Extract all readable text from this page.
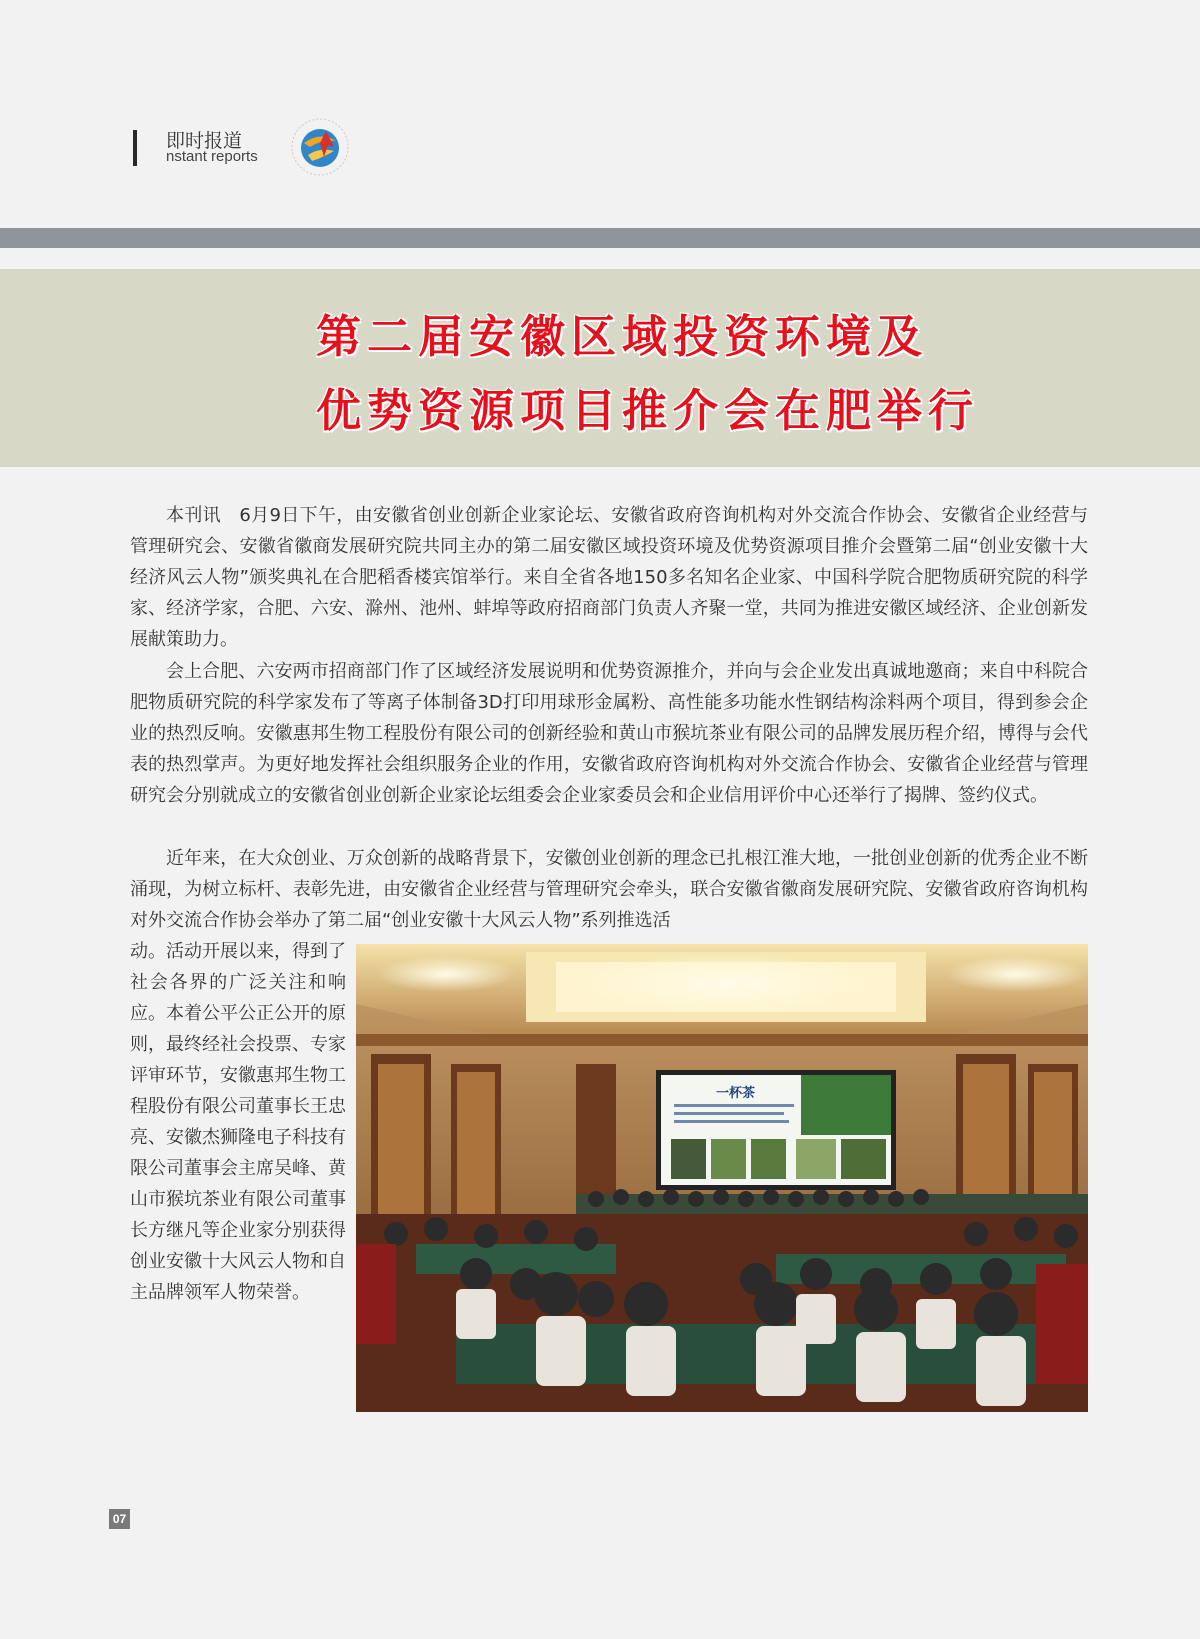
即时报道
nstant reports
第二届安徽区域投资环境及
优势资源项目推介会在肥举行

本刊讯　6月9日下午，由安徽省创业创新企业家论坛、安徽省政府咨询机构对外交流合作协会、安徽省企业经营与管理研究会、安徽省徽商发展研究院共同主办的第二届安徽区域投资环境及优势资源项目推介会暨第二届“创业安徽十大经济风云人物”颁奖典礼在合肥稻香楼宾馆举行。来自全省各地150多名知名企业家、中国科学院合肥物质研究院的科学家、经济学家，合肥、六安、滁州、池州、蚌埠等政府招商部门负责人齐聚一堂，共同为推进安徽区域经济、企业创新发展献策助力。

会上合肥、六安两市招商部门作了区域经济发展说明和优势资源推介，并向与会企业发出真诚地邀商；来自中科院合肥物质研究院的科学家发布了等离子体制备3D打印用球形金属粉、高性能多功能水性钢结构涂料两个项目，得到参会企业的热烈反响。安徽惠邦生物工程股份有限公司的创新经验和黄山市猴坑茶业有限公司的品牌发展历程介绍，博得与会代表的热烈掌声。为更好地发挥社会组织服务企业的作用，安徽省政府咨询机构对外交流合作协会、安徽省企业经营与管理研究会分别就成立的安徽省创业创新企业家论坛组委会企业家委员会和企业信用评价中心还举行了揭牌、签约仪式。

近年来，在大众创业、万众创新的战略背景下，安徽创业创新的理念已扎根江淮大地，一批创业创新的优秀企业不断涌现，为树立标杆、表彰先进，由安徽省企业经营与管理研究会牵头，联合安徽省徽商发展研究院、安徽省政府咨询机构对外交流合作协会举办了第二届“创业安徽十大风云人物”系列推选活

动。活动开展以来，得到了社会各界的广泛关注和响应。本着公平公正公开的原则，最终经社会投票、专家评审环节，安徽惠邦生物工程股份有限公司董事长王忠亮、安徽杰狮隆电子科技有限公司董事会主席吴峰、黄山市猴坑茶业有限公司董事长方继凡等企业家分别获得创业安徽十大风云人物和自主品牌领军人物荣誉。

一杯茶
07
